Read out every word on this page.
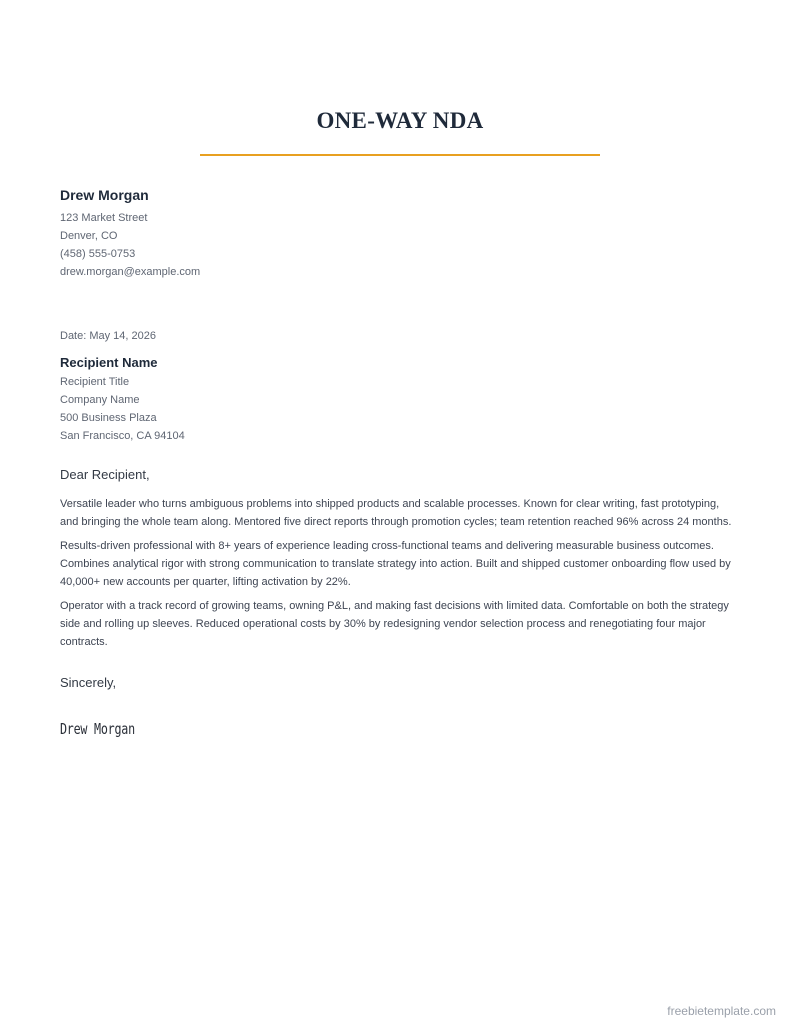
ONE-WAY NDA

Drew Morgan

123 Market Street

Denver, CO

(458) 555-0753

drew.morgan@example.com

Date: May 14, 2026

Recipient Name

Recipient Title

Company Name

500 Business Plaza

San Francisco, CA 94104

Dear Recipient,

Versatile leader who turns ambiguous problems into shipped products and scalable processes. Known for clear writing, fast prototyping, and bringing the whole team along. Mentored five direct reports through promotion cycles; team retention reached 96% across 24 months.

Results-driven professional with 8+ years of experience leading cross-functional teams and delivering measurable business outcomes. Combines analytical rigor with strong communication to translate strategy into action. Built and shipped customer onboarding flow used by 40,000+ new accounts per quarter, lifting activation by 22%.

Operator with a track record of growing teams, owning P&L, and making fast decisions with limited data. Comfortable on both the strategy side and rolling up sleeves. Reduced operational costs by 30% by redesigning vendor selection process and renegotiating four major contracts.

Sincerely,

Drew Morgan

freebietemplate.com
